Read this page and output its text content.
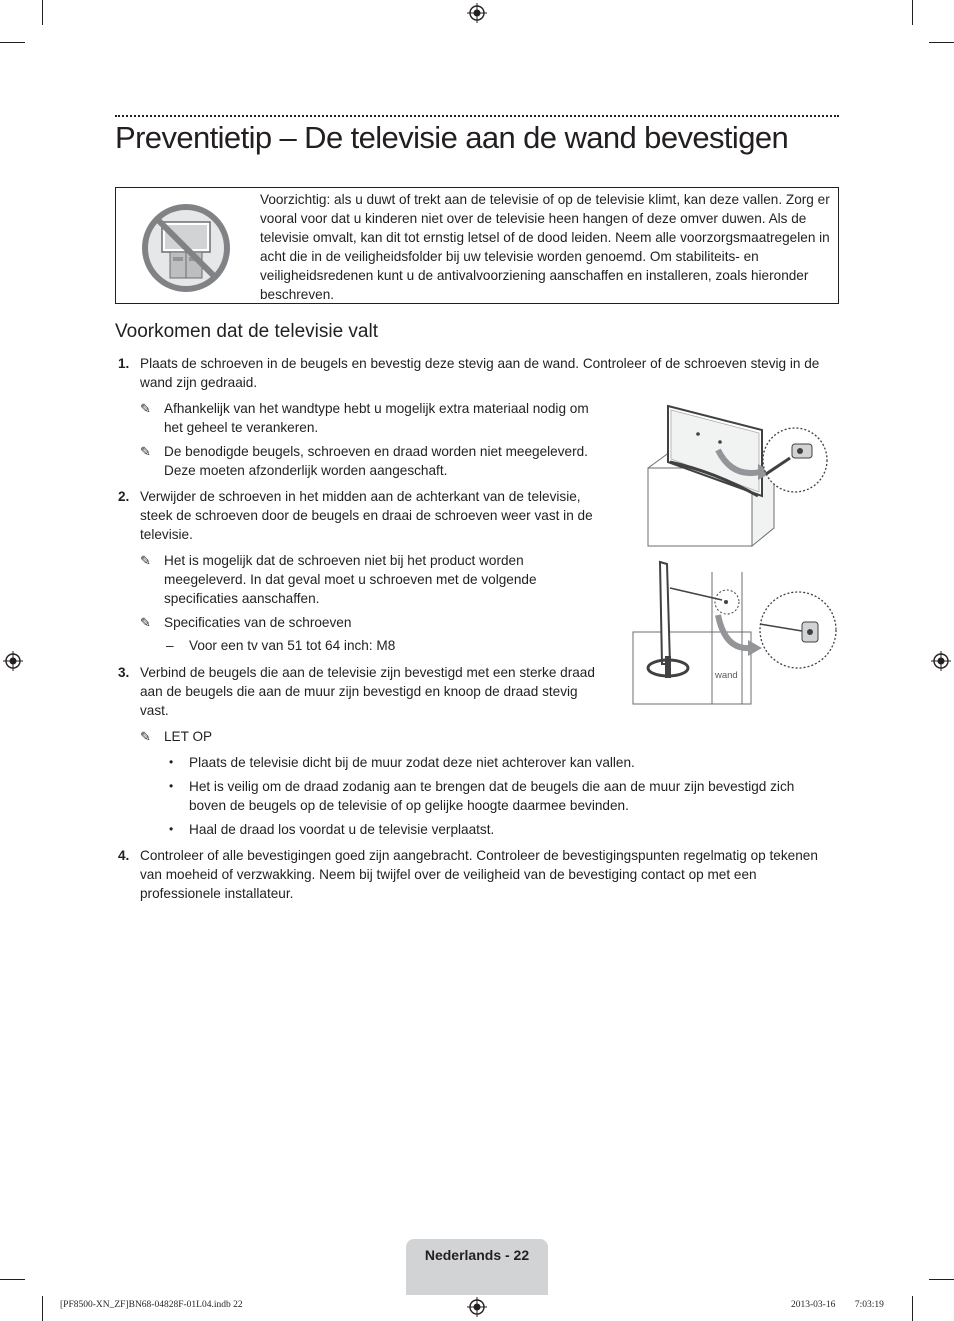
Preventietip – De televisie aan de wand bevestigen
Voorzichtig: als u duwt of trekt aan de televisie of op de televisie klimt, kan deze vallen. Zorg er vooral voor dat u kinderen niet over de televisie heen hangen of deze omver duwen. Als de televisie omvalt, kan dit tot ernstig letsel of de dood leiden. Neem alle voorzorgsmaatregelen in acht die in de veiligheidsfolder bij uw televisie worden genoemd. Om stabiliteits- en veiligheidsredenen kunt u de antivalvoorziening aanschaffen en installeren, zoals hieronder beschreven.
Voorkomen dat de televisie valt
1. Plaats de schroeven in de beugels en bevestig deze stevig aan de wand. Controleer of de schroeven stevig in de wand zijn gedraaid.
✎ Afhankelijk van het wandtype hebt u mogelijk extra materiaal nodig om het geheel te verankeren.
✎ De benodigde beugels, schroeven en draad worden niet meegeleverd. Deze moeten afzonderlijk worden aangeschaft.
2. Verwijder de schroeven in het midden aan de achterkant van de televisie, steek de schroeven door de beugels en draai de schroeven weer vast in de televisie.
✎ Het is mogelijk dat de schroeven niet bij het product worden meegeleverd. In dat geval moet u schroeven met de volgende specificaties aanschaffen.
✎ Specificaties van de schroeven
– Voor een tv van 51 tot 64 inch: M8
3. Verbind de beugels die aan de televisie zijn bevestigd met een sterke draad aan de beugels die aan de muur zijn bevestigd en knoop de draad stevig vast.
✎ LET OP
• Plaats de televisie dicht bij de muur zodat deze niet achterover kan vallen.
• Het is veilig om de draad zodanig aan te brengen dat de beugels die aan de muur zijn bevestigd zich boven de beugels op de televisie of op gelijke hoogte daarmee bevinden.
• Haal de draad los voordat u de televisie verplaatst.
4. Controleer of alle bevestigingen goed zijn aangebracht. Controleer de bevestigingspunten regelmatig op tekenen van moeheid of verzwakking. Neem bij twijfel over de veiligheid van de bevestiging contact op met een professionele installateur.
wand
Nederlands - 22
[PF8500-XN_ZF]BN68-04828F-01L04.indb 22	2013-03-16 ￿￿ 7:03:19
